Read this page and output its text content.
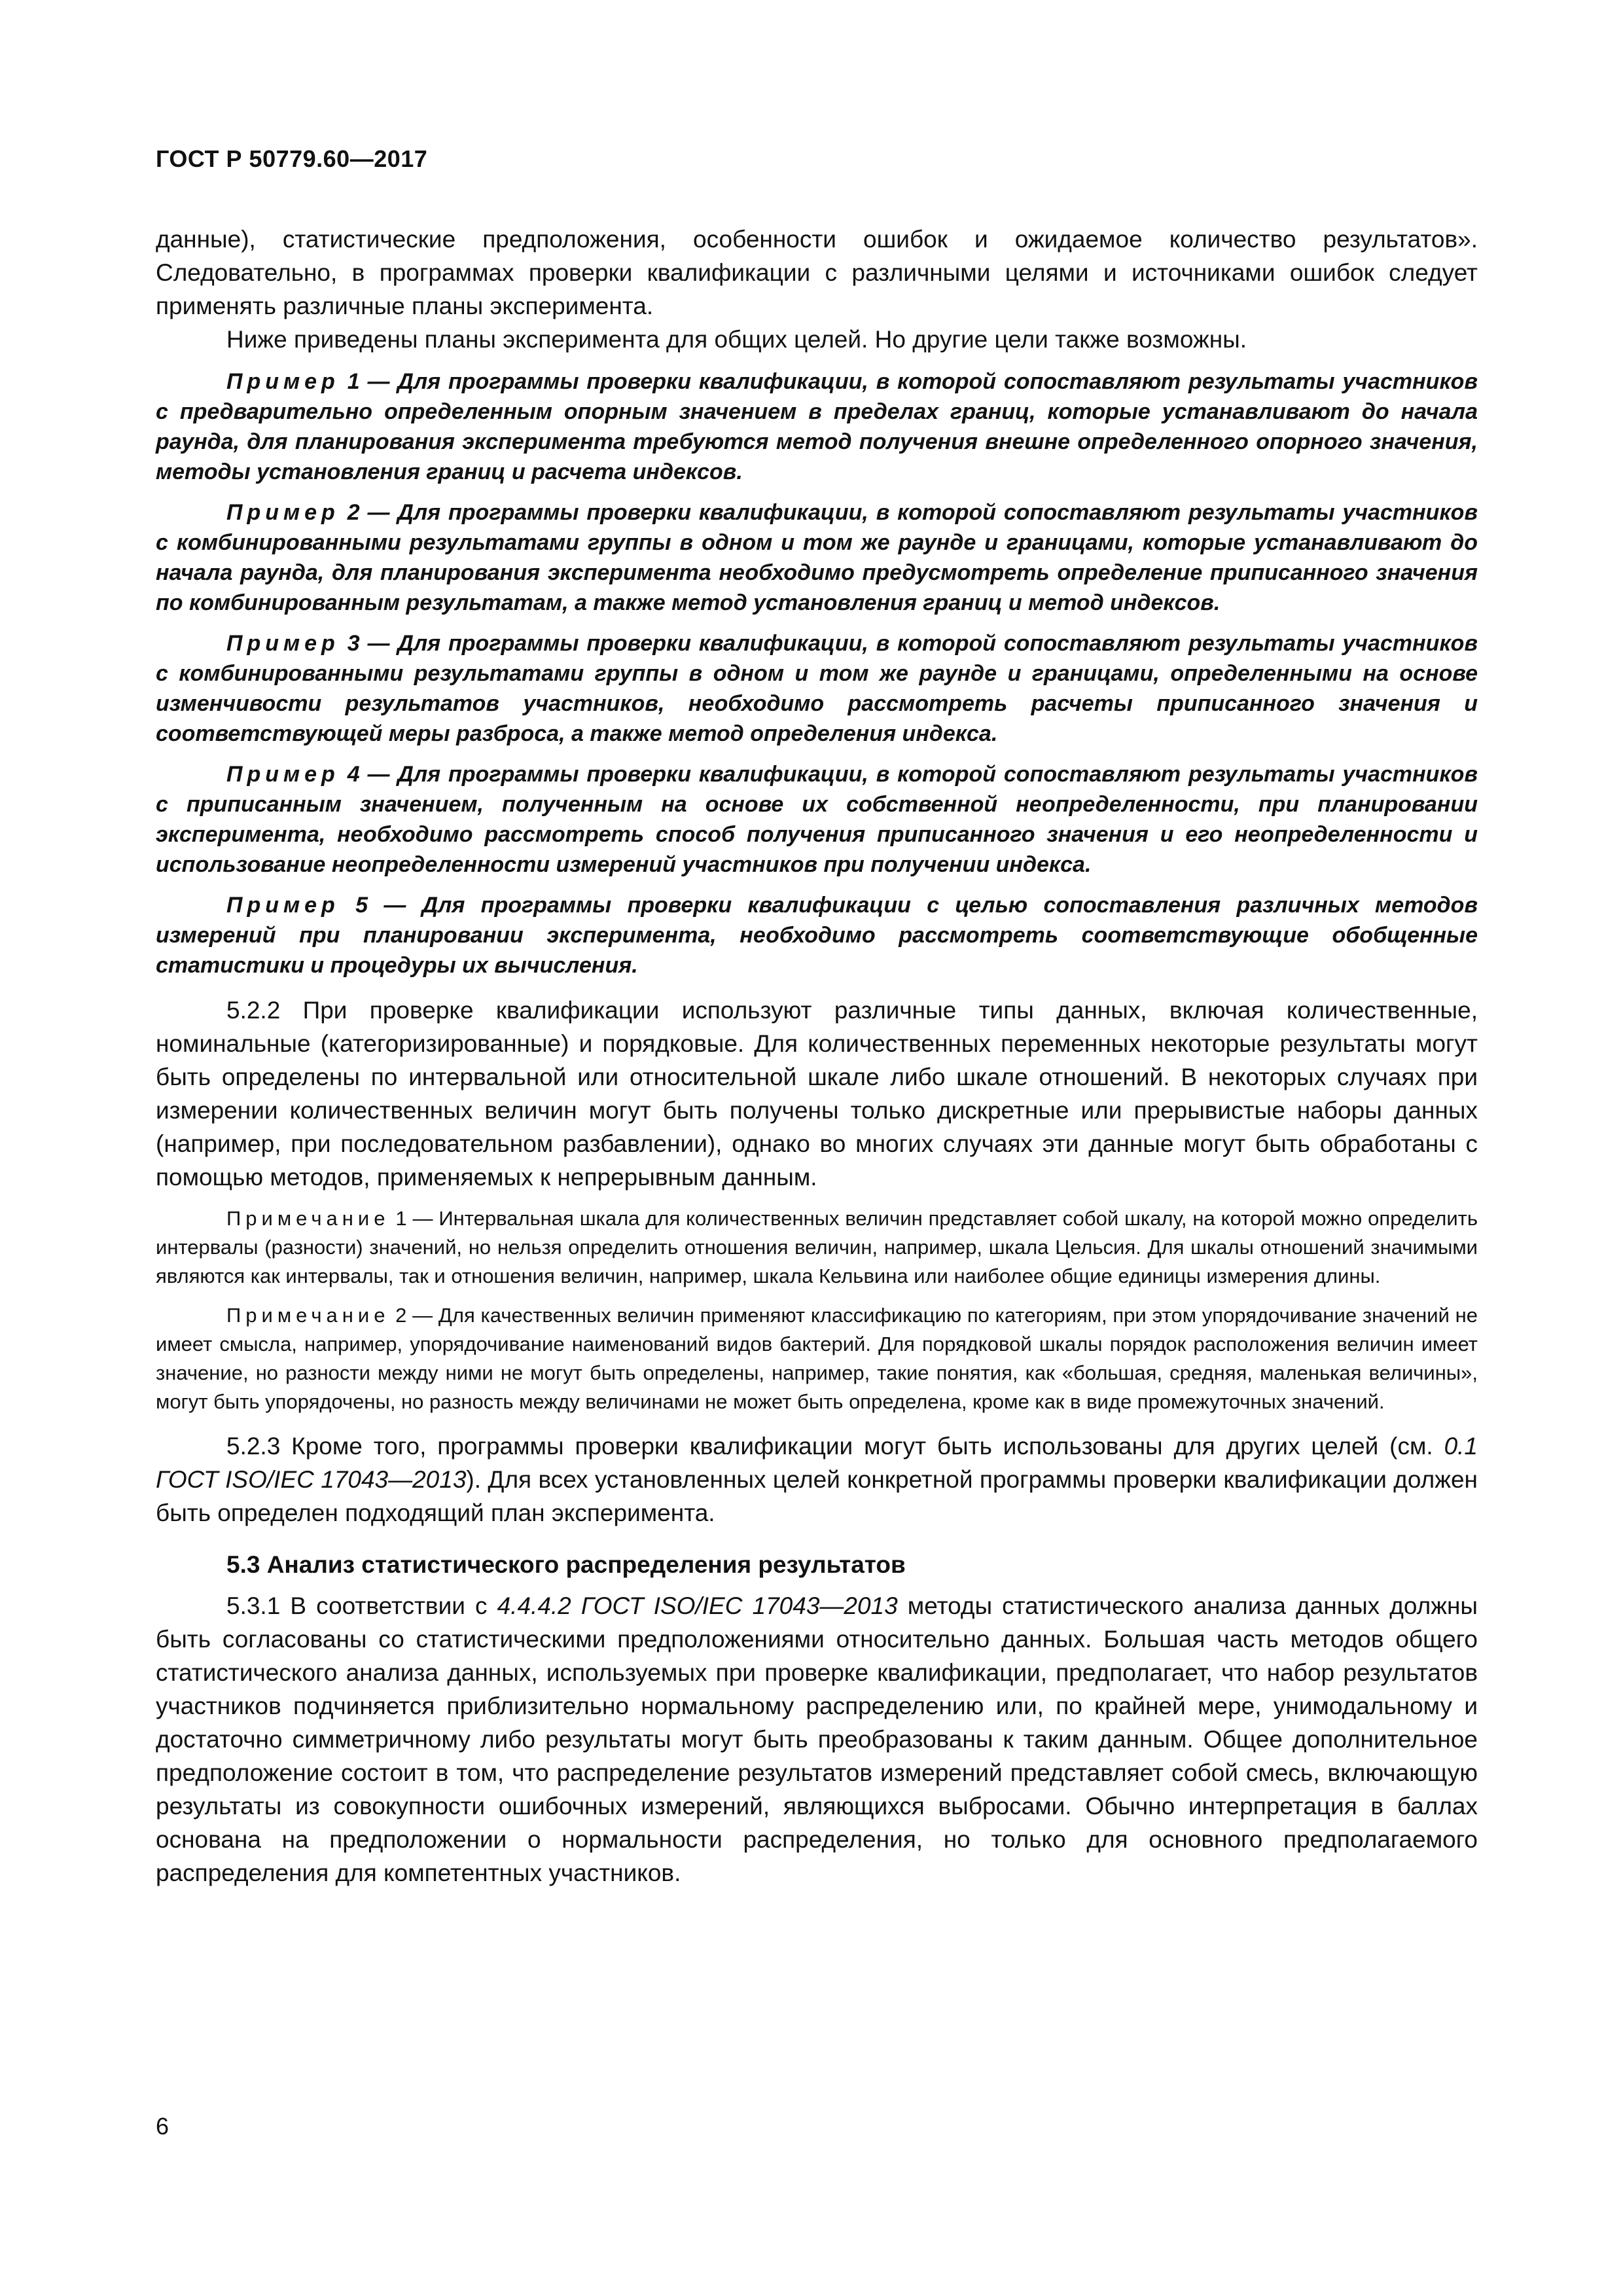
ГОСТ Р 50779.60—2017

данные), статистические предположения, особенности ошибок и ожидаемое количество результатов». Следовательно, в программах проверки квалификации с различными целями и источниками ошибок следует применять различные планы эксперимента.

Ниже приведены планы эксперимента для общих целей. Но другие цели также возможны.

Пример 1 — Для программы проверки квалификации, в которой сопоставляют результаты участников с предварительно определенным опорным значением в пределах границ, которые устанавливают до начала раунда, для планирования эксперимента требуются метод получения внешне определенного опорного значения, методы установления границ и расчета индексов.

Пример 2 — Для программы проверки квалификации, в которой сопоставляют результаты участников с комбинированными результатами группы в одном и том же раунде и границами, которые устанавливают до начала раунда, для планирования эксперимента необходимо предусмотреть определение приписанного значения по комбинированным результатам, а также метод установления границ и метод индексов.

Пример 3 — Для программы проверки квалификации, в которой сопоставляют результаты участников с комбинированными результатами группы в одном и том же раунде и границами, определенными на основе изменчивости результатов участников, необходимо рассмотреть расчеты приписанного значения и соответствующей меры разброса, а также метод определения индекса.

Пример 4 — Для программы проверки квалификации, в которой сопоставляют результаты участников с приписанным значением, полученным на основе их собственной неопределенности, при планировании эксперимента, необходимо рассмотреть способ получения приписанного значения и его неопределенности и использование неопределенности измерений участников при получении индекса.

Пример 5 — Для программы проверки квалификации с целью сопоставления различных методов измерений при планировании эксперимента, необходимо рассмотреть соответствующие обобщенные статистики и процедуры их вычисления.

5.2.2 При проверке квалификации используют различные типы данных, включая количественные, номинальные (категоризированные) и порядковые. Для количественных переменных некоторые результаты могут быть определены по интервальной или относительной шкале либо шкале отношений. В некоторых случаях при измерении количественных величин могут быть получены только дискретные или прерывистые наборы данных (например, при последовательном разбавлении), однако во многих случаях эти данные могут быть обработаны с помощью методов, применяемых к непрерывным данным.

Примечание 1 — Интервальная шкала для количественных величин представляет собой шкалу, на которой можно определить интервалы (разности) значений, но нельзя определить отношения величин, например, шкала Цельсия. Для шкалы отношений значимыми являются как интервалы, так и отношения величин, например, шкала Кельвина или наиболее общие единицы измерения длины.

Примечание 2 — Для качественных величин применяют классификацию по категориям, при этом упорядочивание значений не имеет смысла, например, упорядочивание наименований видов бактерий. Для порядковой шкалы порядок расположения величин имеет значение, но разности между ними не могут быть определены, например, такие понятия, как «большая, средняя, маленькая величины», могут быть упорядочены, но разность между величинами не может быть определена, кроме как в виде промежуточных значений.

5.2.3 Кроме того, программы проверки квалификации могут быть использованы для других целей (см. 0.1 ГОСТ ISO/IEC 17043—2013). Для всех установленных целей конкретной программы проверки квалификации должен быть определен подходящий план эксперимента.

5.3 Анализ статистического распределения результатов

5.3.1 В соответствии с 4.4.4.2 ГОСТ ISO/IEC 17043—2013 методы статистического анализа данных должны быть согласованы со статистическими предположениями относительно данных. Большая часть методов общего статистического анализа данных, используемых при проверке квалификации, предполагает, что набор результатов участников подчиняется приблизительно нормальному распределению или, по крайней мере, унимодальному и достаточно симметричному либо результаты могут быть преобразованы к таким данным. Общее дополнительное предположение состоит в том, что распределение результатов измерений представляет собой смесь, включающую результаты из совокупности ошибочных измерений, являющихся выбросами. Обычно интерпретация в баллах основана на предположении о нормальности распределения, но только для основного предполагаемого распределения для компетентных участников.

6
